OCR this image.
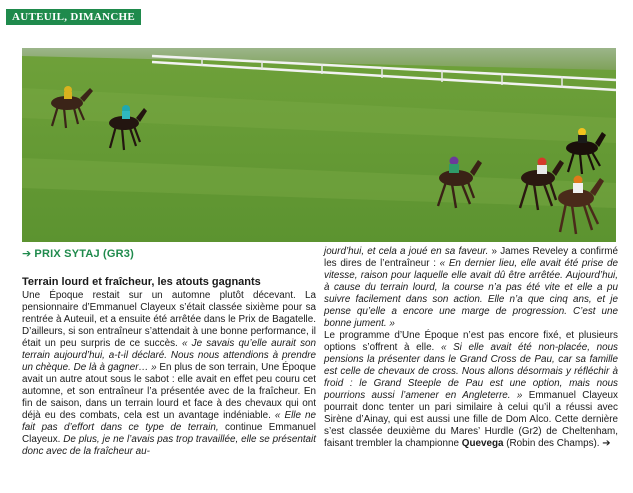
AUTEUIL, DIMANCHE
➔ PRIX SYTAJ (GR3)
Terrain lourd et fraîcheur, les atouts gagnants

Une Époque restait sur un automne plutôt décevant. La pensionnaire d’Emmanuel Clayeux s’était classée sixième pour sa rentrée à Auteuil, et a ensuite été arrêtée dans le Prix de Bagatelle. D’ailleurs, si son entraîneur s’attendait à une bonne performance, il était un peu surpris de ce succès. « Je savais qu’elle aurait son terrain aujourd’hui, a-t-il déclaré. Nous nous attendions à prendre un chèque. De là à gagner… » En plus de son terrain, Une Époque avait un autre atout sous le sabot : elle avait en effet peu couru cet automne, et son entraîneur l’a présentée avec de la fraîcheur. En fin de saison, dans un terrain lourd et face à des chevaux qui ont déjà eu des combats, cela est un avantage indéniable. « Elle ne fait pas d’effort dans ce type de terrain, continue Emmanuel Clayeux. De plus, je ne l’avais pas trop travaillée, elle se présentait donc avec de la fraîcheur au-

jourd’hui, et cela a joué en sa faveur. » James Reveley a confirmé les dires de l’entraîneur : « En dernier lieu, elle avait été prise de vitesse, raison pour laquelle elle avait dû être arrêtée. Aujourd’hui, à cause du terrain lourd, la course n’a pas été vite et elle a pu suivre facilement dans son action. Elle n’a que cinq ans, et je pense qu’elle a encore une marge de progression. C’est une bonne jument. »

Le programme d’Une Époque n’est pas encore fixé, et plusieurs options s’offrent à elle. « Si elle avait été non-placée, nous pensions la présenter dans le Grand Cross de Pau, car sa famille est celle de chevaux de cross. Nous allons désormais y réfléchir à froid : le Grand Steeple de Pau est une option, mais nous pourrions aussi l’amener en Angleterre. » Emmanuel Clayeux pourrait donc tenter un pari similaire à celui qu’il a réussi avec Sirène d’Ainay, qui est aussi une fille de Dom Alco. Cette dernière s’est classée deuxième du Mares’ Hurdle (Gr2) de Cheltenham, faisant trembler la championne Quevega (Robin des Champs). ➔
